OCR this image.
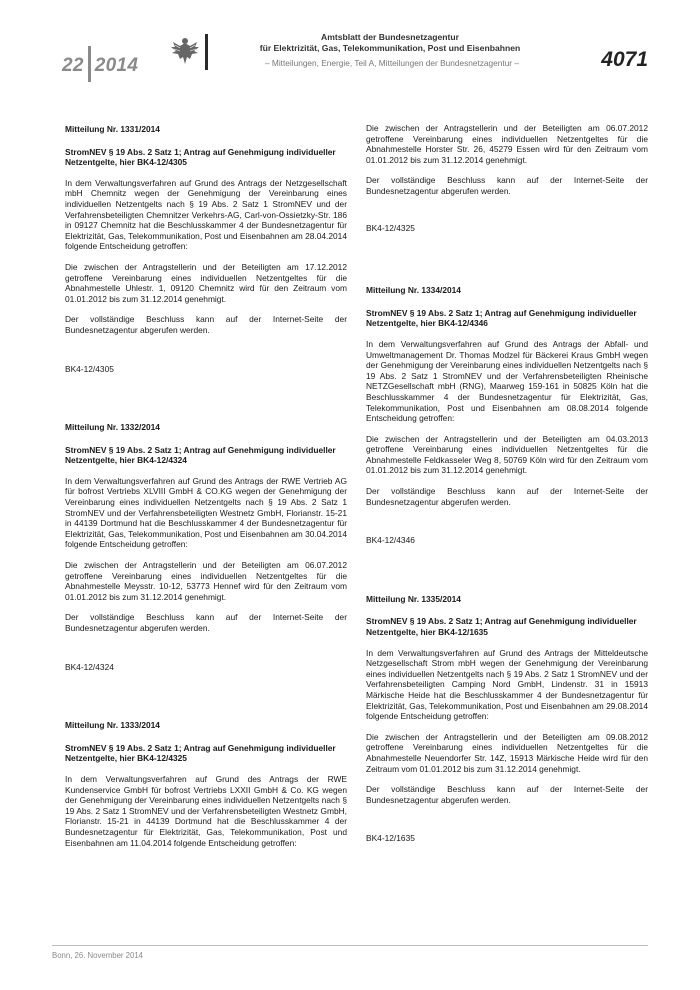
22 2014
Amtsblatt der Bundesnetzagentur
für Elektrizität, Gas, Telekommunikation, Post und Eisenbahnen
– Mitteilungen, Energie, Teil A, Mitteilungen der Bundesnetzagentur –	4071
Mitteilung Nr. 1331/2014
StromNEV § 19 Abs. 2 Satz 1; Antrag auf Genehmigung individueller Netzentgelte, hier BK4-12/4305

In dem Verwaltungsverfahren auf Grund des Antrags der Netzgesellschaft mbH Chemnitz wegen der Genehmigung der Vereinbarung eines individuellen Netzentgelts nach § 19 Abs. 2 Satz 1 StromNEV und der Verfahrensbeteiligten Chemnitzer Verkehrs-AG, Carl-von-Ossietzky-Str. 186 in 09127 Chemnitz hat die Beschlusskammer 4 der Bundesnetzagentur für Elektrizität, Gas, Telekommunikation, Post und Eisenbahnen am 28.04.2014 folgende Entscheidung getroffen:

Die zwischen der Antragstellerin und der Beteiligten am 17.12.2012 getroffene Vereinbarung eines individuellen Netzentgeltes für die Abnahmestelle Uhlestr. 1, 09120 Chemnitz wird für den Zeitraum vom 01.01.2012 bis zum 31.12.2014 genehmigt.

Der vollständige Beschluss kann auf der Internet-Seite der Bundesnetzagentur abgerufen werden.

BK4-12/4305
Mitteilung Nr. 1332/2014
StromNEV § 19 Abs. 2 Satz 1; Antrag auf Genehmigung individueller Netzentgelte, hier BK4-12/4324

In dem Verwaltungsverfahren auf Grund des Antrags der RWE Vertrieb AG für bofrost Vertriebs XLVIII GmbH & CO.KG wegen der Genehmigung der Vereinbarung eines individuellen Netzentgelts nach § 19 Abs. 2 Satz 1 StromNEV und der Verfahrensbeteiligten Westnetz GmbH, Florianstr. 15-21 in 44139 Dortmund hat die Beschlusskammer 4 der Bundesnetzagentur für Elektrizität, Gas, Telekommunikation, Post und Eisenbahnen am 30.04.2014 folgende Entscheidung getroffen:

Die zwischen der Antragstellerin und der Beteiligten am 06.07.2012 getroffene Vereinbarung eines individuellen Netzentgeltes für die Abnahmestelle Meysstr. 10-12, 53773 Hennef wird für den Zeitraum vom 01.01.2012 bis zum 31.12.2014 genehmigt.

Der vollständige Beschluss kann auf der Internet-Seite der Bundesnetzagentur abgerufen werden.

BK4-12/4324
Mitteilung Nr. 1333/2014
StromNEV § 19 Abs. 2 Satz 1; Antrag auf Genehmigung individueller Netzentgelte, hier BK4-12/4325

In dem Verwaltungsverfahren auf Grund des Antrags der RWE Kundenservice GmbH für bofrost Vertriebs LXXII GmbH & Co. KG wegen der Genehmigung der Vereinbarung eines individuellen Netzentgelts nach § 19 Abs. 2 Satz 1 StromNEV und der Verfahrensbeteiligten Westnetz GmbH, Florianstr. 15-21 in 44139 Dortmund hat die Beschlusskammer 4 der Bundesnetzagentur für Elektrizität, Gas, Telekommunikation, Post und Eisenbahnen am 11.04.2014 folgende Entscheidung getroffen:

Die zwischen der Antragstellerin und der Beteiligten am 06.07.2012 getroffene Vereinbarung eines individuellen Netzentgeltes für die Abnahmestelle Horster Str. 26, 45279 Essen wird für den Zeitraum vom 01.01.2012 bis zum 31.12.2014 genehmigt.

Der vollständige Beschluss kann auf der Internet-Seite der Bundesnetzagentur abgerufen werden.

BK4-12/4325
Mitteilung Nr. 1334/2014
StromNEV § 19 Abs. 2 Satz 1; Antrag auf Genehmigung individueller Netzentgelte, hier BK4-12/4346

In dem Verwaltungsverfahren auf Grund des Antrags der Abfall- und Umweltmanagement Dr. Thomas Modzel für Bäckerei Kraus GmbH wegen der Genehmigung der Vereinbarung eines individuellen Netzentgelts nach § 19 Abs. 2 Satz 1 StromNEV und der Verfahrensbeteiligten Rheinische NETZGesellschaft mbH (RNG), Maarweg 159-161 in 50825 Köln hat die Beschlusskammer 4 der Bundesnetzagentur für Elektrizität, Gas, Telekommunikation, Post und Eisenbahnen am 08.08.2014 folgende Entscheidung getroffen:

Die zwischen der Antragstellerin und der Beteiligten am 04.03.2013 getroffene Vereinbarung eines individuellen Netzentgeltes für die Abnahmestelle Feldkasseler Weg 8, 50769 Köln wird für den Zeitraum vom 01.01.2012 bis zum 31.12.2014 genehmigt.

Der vollständige Beschluss kann auf der Internet-Seite der Bundesnetzagentur abgerufen werden.

BK4-12/4346
Mitteilung Nr. 1335/2014
StromNEV § 19 Abs. 2 Satz 1; Antrag auf Genehmigung individueller Netzentgelte, hier BK4-12/1635

In dem Verwaltungsverfahren auf Grund des Antrags der Mitteldeutsche Netzgesellschaft Strom mbH wegen der Genehmigung der Vereinbarung eines individuellen Netzentgelts nach § 19 Abs. 2 Satz 1 StromNEV und der Verfahrensbeteiligten Camping Nord GmbH, Lindenstr. 31 in 15913 Märkische Heide hat die Beschlusskammer 4 der Bundesnetzagentur für Elektrizität, Gas, Telekommunikation, Post und Eisenbahnen am 29.08.2014 folgende Entscheidung getroffen:

Die zwischen der Antragstellerin und der Beteiligten am 09.08.2012 getroffene Vereinbarung eines individuellen Netzentgeltes für die Abnahmestelle Neuendorfer Str. 14Z, 15913 Märkische Heide wird für den Zeitraum vom 01.01.2012 bis zum 31.12.2014 genehmigt.

Der vollständige Beschluss kann auf der Internet-Seite der Bundesnetzagentur abgerufen werden.

BK4-12/1635
Bonn, 26. November 2014
